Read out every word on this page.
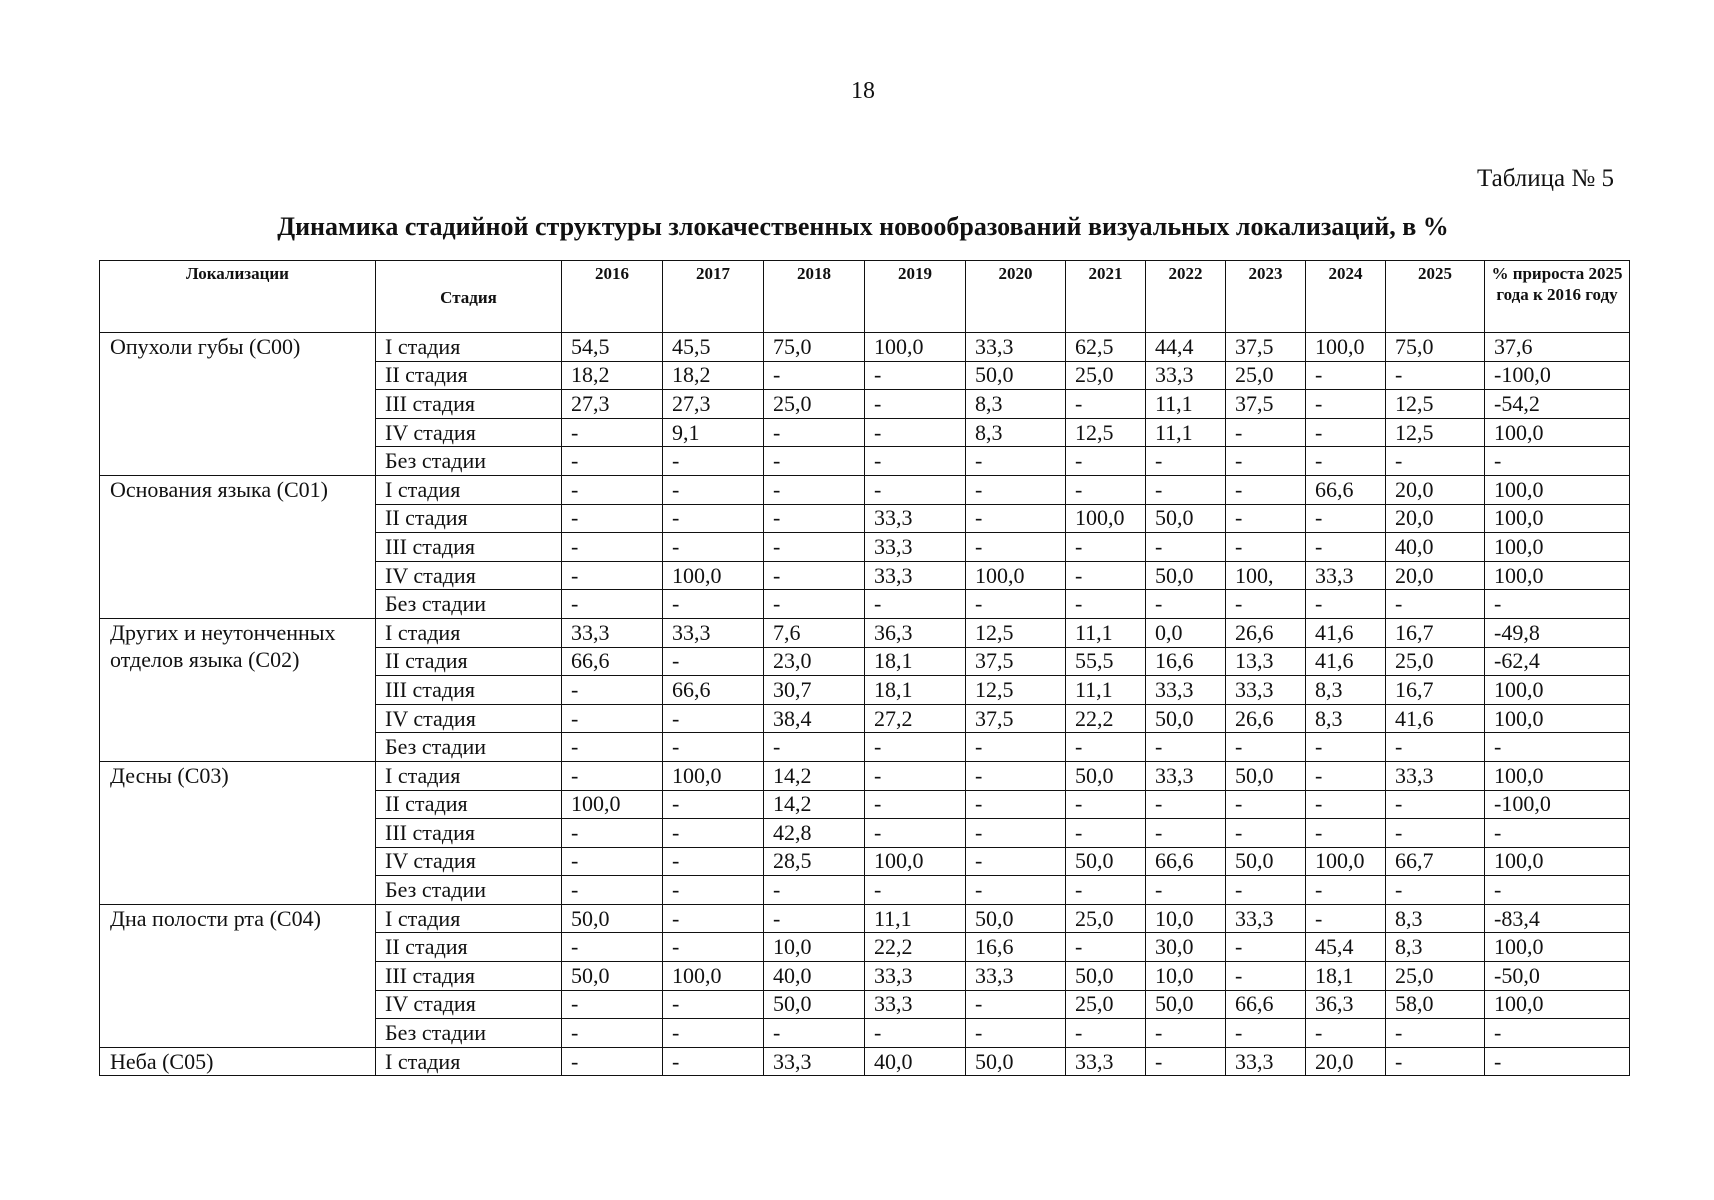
18
Таблица № 5
Динамика стадийной структуры злокачественных новообразований визуальных локализаций, в %
Локализации	Стадия	2016	2017	2018	2019	2020	2021	2022	2023	2024	2025	% прироста 2025 года к 2016 году
Опухоли губы (С00)	I стадия	54,5	45,5	75,0	100,0	33,3	62,5	44,4	37,5	100,0	75,0	37,6
	II стадия	18,2	18,2	-	-	50,0	25,0	33,3	25,0	-	-	-100,0
	III стадия	27,3	27,3	25,0	-	8,3	-	11,1	37,5	-	12,5	-54,2
	IV стадия	-	9,1	-	-	8,3	12,5	11,1	-	-	12,5	100,0
	Без стадии	-	-	-	-	-	-	-	-	-	-	-
Основания языка (С01)	I стадия	-	-	-	-	-	-	-	-	66,6	20,0	100,0
	II стадия	-	-	-	33,3	-	100,0	50,0	-	-	20,0	100,0
	III стадия	-	-	-	33,3	-	-	-	-	-	40,0	100,0
	IV стадия	-	100,0	-	33,3	100,0	-	50,0	100,	33,3	20,0	100,0
	Без стадии	-	-	-	-	-	-	-	-	-	-	-
Других и неутонченных отделов языка (С02)	I стадия	33,3	33,3	7,6	36,3	12,5	11,1	0,0	26,6	41,6	16,7	-49,8
	II стадия	66,6	-	23,0	18,1	37,5	55,5	16,6	13,3	41,6	25,0	-62,4
	III стадия	-	66,6	30,7	18,1	12,5	11,1	33,3	33,3	8,3	16,7	100,0
	IV стадия	-	-	38,4	27,2	37,5	22,2	50,0	26,6	8,3	41,6	100,0
	Без стадии	-	-	-	-	-	-	-	-	-	-	-
Десны (С03)	I стадия	-	100,0	14,2	-	-	50,0	33,3	50,0	-	33,3	100,0
	II стадия	100,0	-	14,2	-	-	-	-	-	-	-	-100,0
	III стадия	-	-	42,8	-	-	-	-	-	-	-	-
	IV стадия	-	-	28,5	100,0	-	50,0	66,6	50,0	100,0	66,7	100,0
	Без стадии	-	-	-	-	-	-	-	-	-	-	-
Дна полости рта (С04)	I стадия	50,0	-	-	11,1	50,0	25,0	10,0	33,3	-	8,3	-83,4
	II стадия	-	-	10,0	22,2	16,6	-	30,0	-	45,4	8,3	100,0
	III стадия	50,0	100,0	40,0	33,3	33,3	50,0	10,0	-	18,1	25,0	-50,0
	IV стадия	-	-	50,0	33,3	-	25,0	50,0	66,6	36,3	58,0	100,0
	Без стадии	-	-	-	-	-	-	-	-	-	-	-
Неба (С05)	I стадия	-	-	33,3	40,0	50,0	33,3	-	33,3	20,0	-	-
